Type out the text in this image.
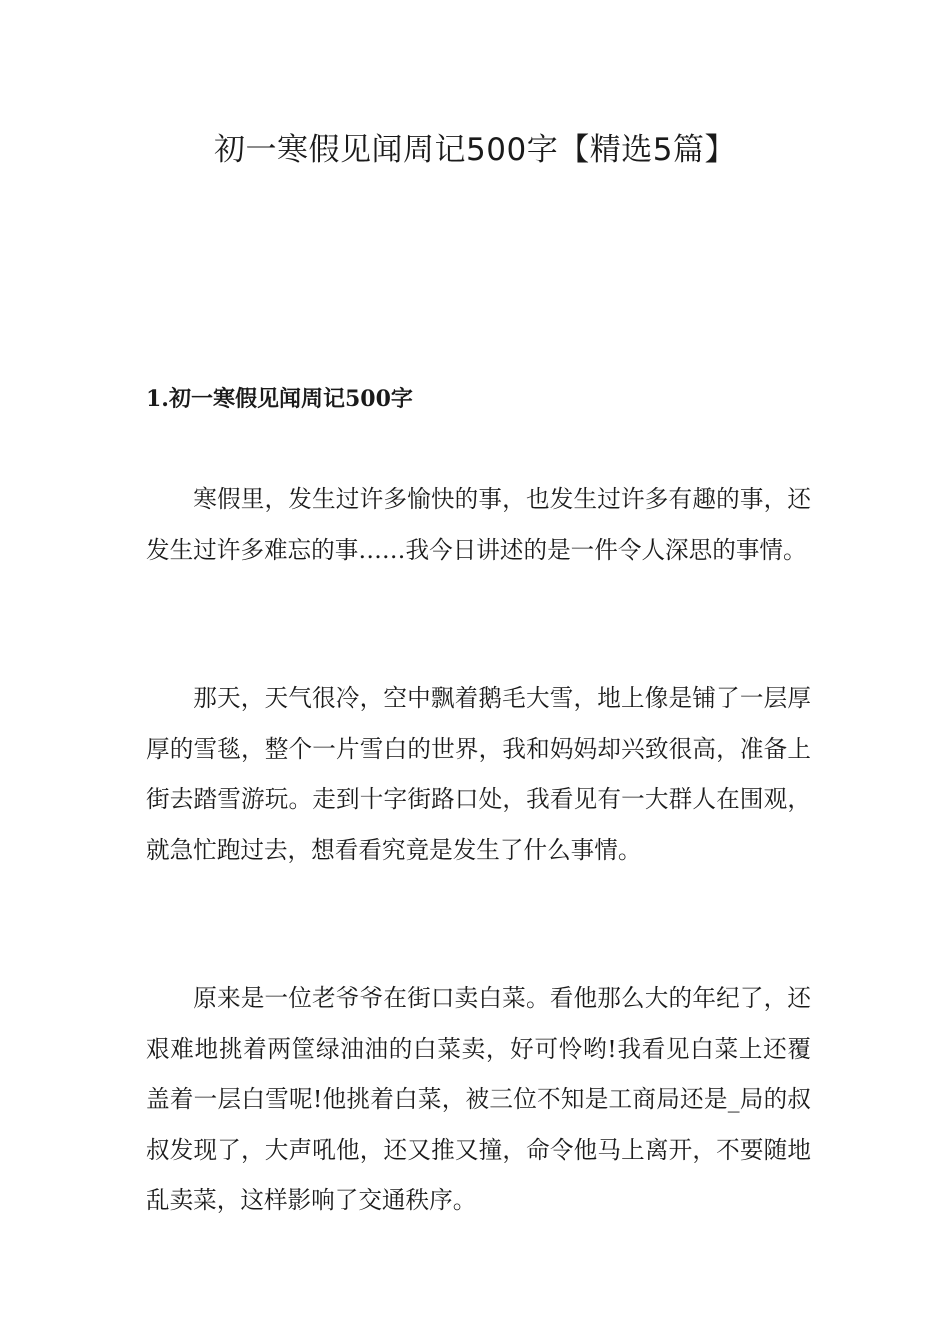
初一寒假见闻周记500字【精选5篇】
1.初一寒假见闻周记500字

寒假里，发生过许多愉快的事，也发生过许多有趣的事，还发生过许多难忘的事……我今日讲述的是一件令人深思的事情。

那天，天气很冷，空中飘着鹅毛大雪，地上像是铺了一层厚厚的雪毯，整个一片雪白的世界，我和妈妈却兴致很高，准备上街去踏雪游玩。走到十字街路口处，我看见有一大群人在围观，就急忙跑过去，想看看究竟是发生了什么事情。

原来是一位老爷爷在街口卖白菜。看他那么大的年纪了，还艰难地挑着两筐绿油油的白菜卖，好可怜哟!我看见白菜上还覆盖着一层白雪呢!他挑着白菜，被三位不知是工商局还是_局的叔叔发现了，大声吼他，还又推又撞，命令他马上离开，不要随地乱卖菜，这样影响了交通秩序。
